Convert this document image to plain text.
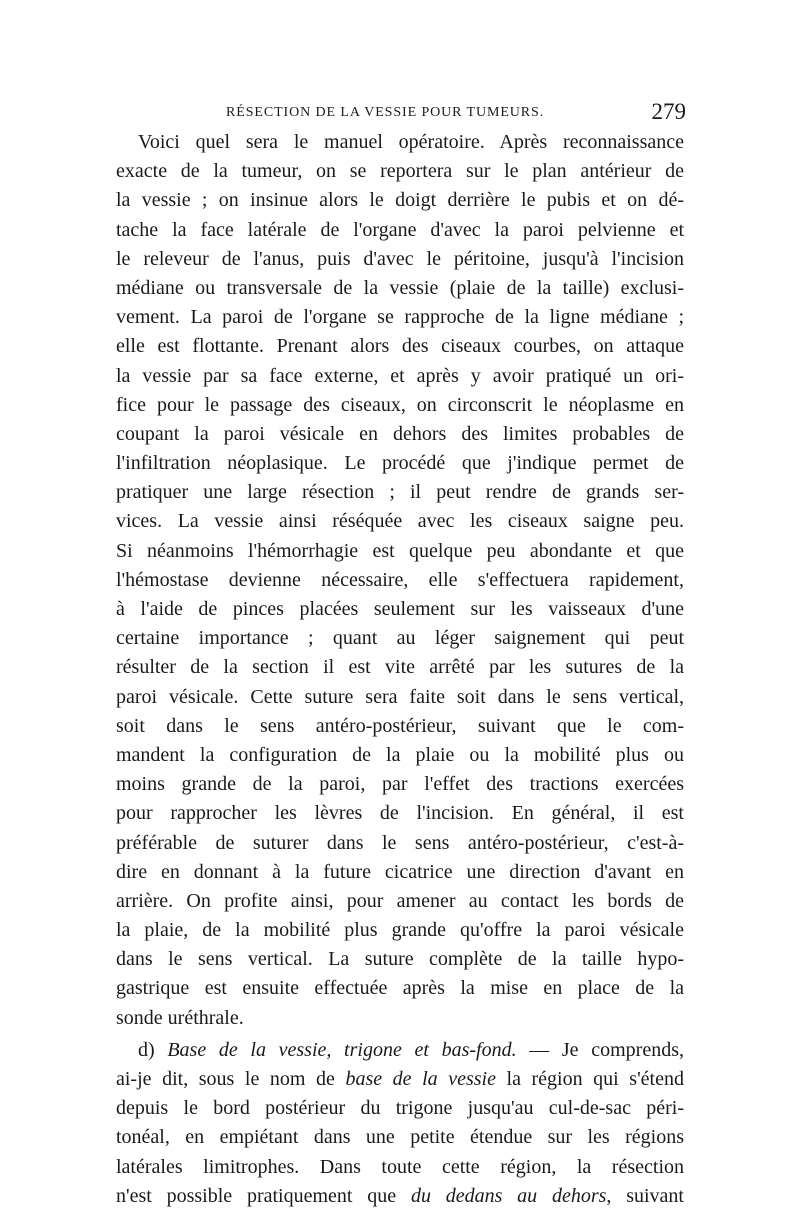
RÉSECTION DE LA VESSIE POUR TUMEURS.	279
Voici quel sera le manuel opératoire. Après reconnaissance
exacte de la tumeur, on se reportera sur le plan antérieur de
la vessie ; on insinue alors le doigt derrière le pubis et on dé-
tache la face latérale de l'organe d'avec la paroi pelvienne et
le releveur de l'anus, puis d'avec le péritoine, jusqu'à l'incision
médiane ou transversale de la vessie (plaie de la taille) exclusi-
vement. La paroi de l'organe se rapproche de la ligne médiane ;
elle est flottante. Prenant alors des ciseaux courbes, on attaque
la vessie par sa face externe, et après y avoir pratiqué un ori-
fice pour le passage des ciseaux, on circonscrit le néoplasme en
coupant la paroi vésicale en dehors des limites probables de
l'infiltration néoplasique. Le procédé que j'indique permet de
pratiquer une large résection ; il peut rendre de grands ser-
vices. La vessie ainsi réséquée avec les ciseaux saigne peu.
Si néanmoins l'hémorrhagie est quelque peu abondante et que
l'hémostase devienne nécessaire, elle s'effectuera rapidement,
à l'aide de pinces placées seulement sur les vaisseaux d'une
certaine importance ; quant au léger saignement qui peut
résulter de la section il est vite arrêté par les sutures de la
paroi vésicale. Cette suture sera faite soit dans le sens vertical,
soit dans le sens antéro-postérieur, suivant que le com-
mandent la configuration de la plaie ou la mobilité plus ou
moins grande de la paroi, par l'effet des tractions exercées
pour rapprocher les lèvres de l'incision. En général, il est
préférable de suturer dans le sens antéro-postérieur, c'est-à-
dire en donnant à la future cicatrice une direction d'avant en
arrière. On profite ainsi, pour amener au contact les bords de
la plaie, de la mobilité plus grande qu'offre la paroi vésicale
dans le sens vertical. La suture complète de la taille hypo-
gastrique est ensuite effectuée après la mise en place de la
sonde uréthrale.
d) Base de la vessie, trigone et bas-fond. — Je comprends,
ai-je dit, sous le nom de base de la vessie la région qui s'étend
depuis le bord postérieur du trigone jusqu'au cul-de-sac péri-
tonéal, en empiétant dans une petite étendue sur les régions
latérales limitrophes. Dans toute cette région, la résection
n'est possible pratiquement que du dedans au dehors, suivant
